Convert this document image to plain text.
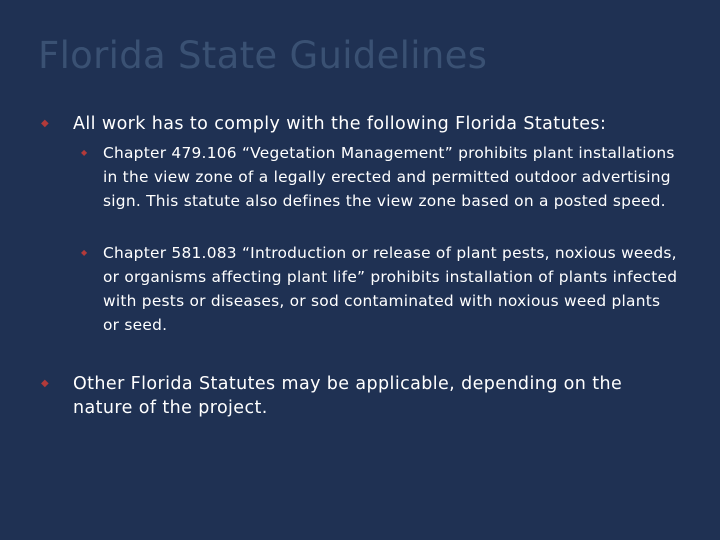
Florida State Guidelines
◆	All work has to comply with the following Florida Statutes:
◆	Chapter 479.106 “Vegetation Management” prohibits plant installations in the view zone of a legally erected and permitted outdoor advertising sign. This statute also defines the view zone based on a posted speed.
◆	Chapter 581.083 “Introduction or release of plant pests, noxious weeds, or organisms affecting plant life” prohibits installation of plants infected with pests or diseases, or sod contaminated with noxious weed plants or seed.
◆	Other Florida Statutes may be applicable, depending on the nature of the project.
